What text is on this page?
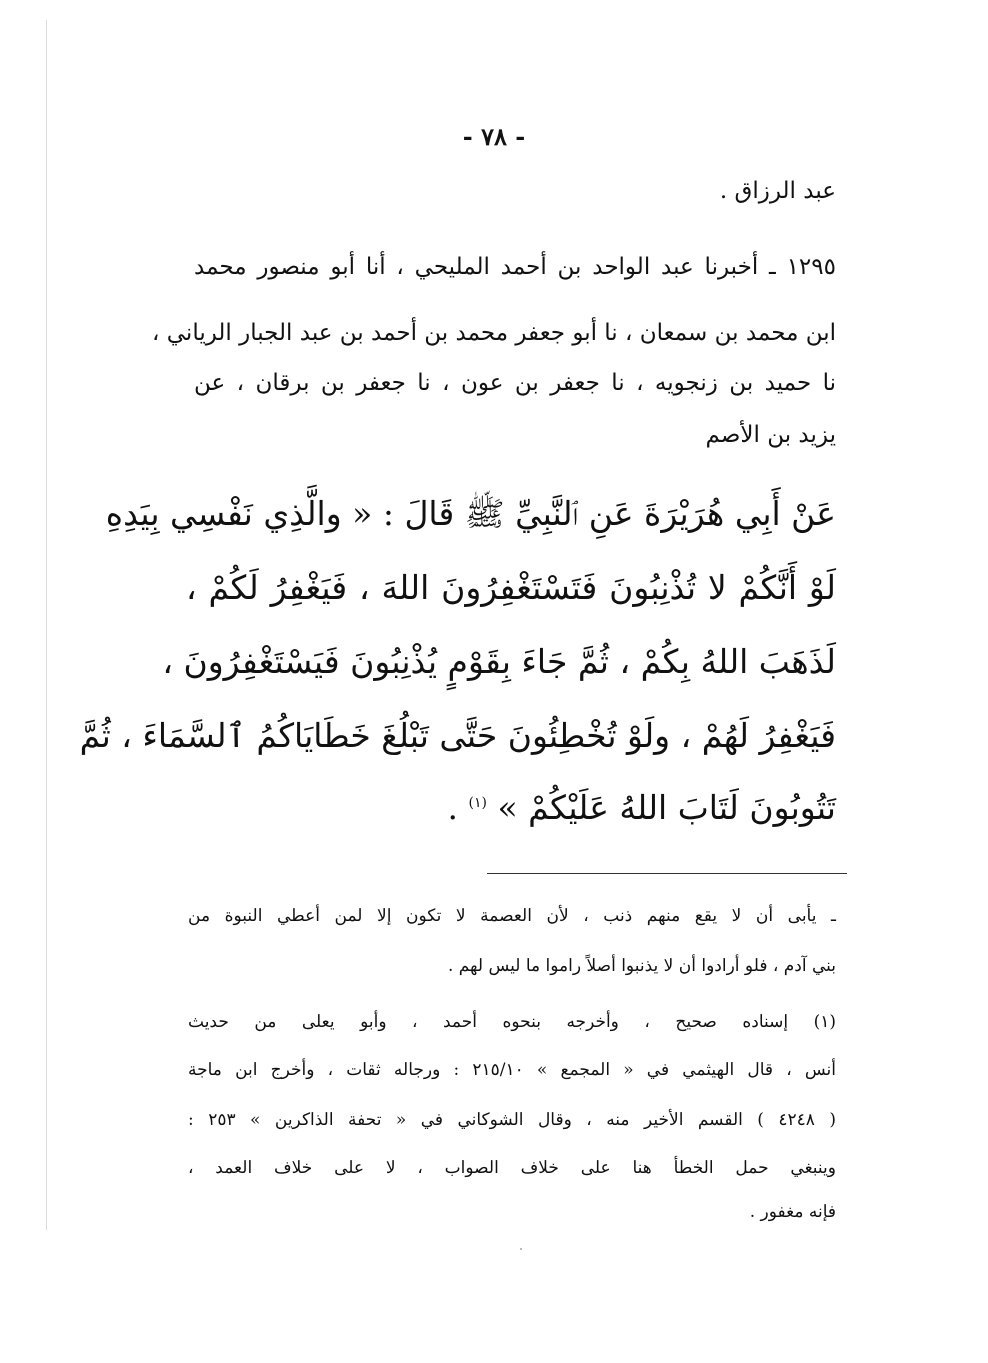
- ٧٨ -
عبد الرزاق .
١٢٩٥ ـ أخبرنا عبد الواحد بن أحمد المليحي ، أنا أبو منصور محمد
ابن محمد بن سمعان ، نا أبو جعفر محمد بن أحمد بن عبد الجبار الرياني ،
نا حميد بن زنجويه ، نا جعفر بن عون ، نا جعفر بن برقان ، عن
يزيد بن الأصم
عَنْ أَبِي هُرَيْرَةَ عَنِ ٱلنَّبِيِّ ﷺ قَالَ : « والَّذِي نَفْسِي بِيَدِهِ
لَوْ أَنَّكُمْ لا تُذْنِبُونَ فَتَسْتَغْفِرُونَ اللهَ ، فَيَغْفِرُ لَكُمْ ،
لَذَهَبَ اللهُ بِكُمْ ، ثُمَّ جَاءَ بِقَوْمٍ يُذْنِبُونَ فَيَسْتَغْفِرُونَ ،
فَيَغْفِرُ لَهُمْ ، ولَوْ تُخْطِئُونَ حَتَّى تَبْلُغَ خَطَايَاكُمُ ٱلسَّمَاءَ ، ثُمَّ
تَتُوبُونَ لَتَابَ اللهُ عَلَيْكُمْ » $^{(١)}$ .
ـ يأبى أن لا يقع منهم ذنب ، لأن العصمة لا تكون إلا لمن أعطي النبوة من
بني آدم ، فلو أرادوا أن لا يذنبوا أصلاً راموا ما ليس لهم .
(١) إسناده صحيح ، وأخرجه بنحوه أحمد ، وأبو يعلى من حديث
أنس ، قال الهيثمي في « المجمع » ٢١٥/١٠ : ورجاله ثقات ، وأخرج ابن ماجة
( ٤٢٤٨ ) القسم الأخير منه ، وقال الشوكاني في « تحفة الذاكرين » ٢٥٣ :
وينبغي حمل الخطأ هنا على خلاف الصواب ، لا على خلاف العمد ،
فإنه مغفور .
